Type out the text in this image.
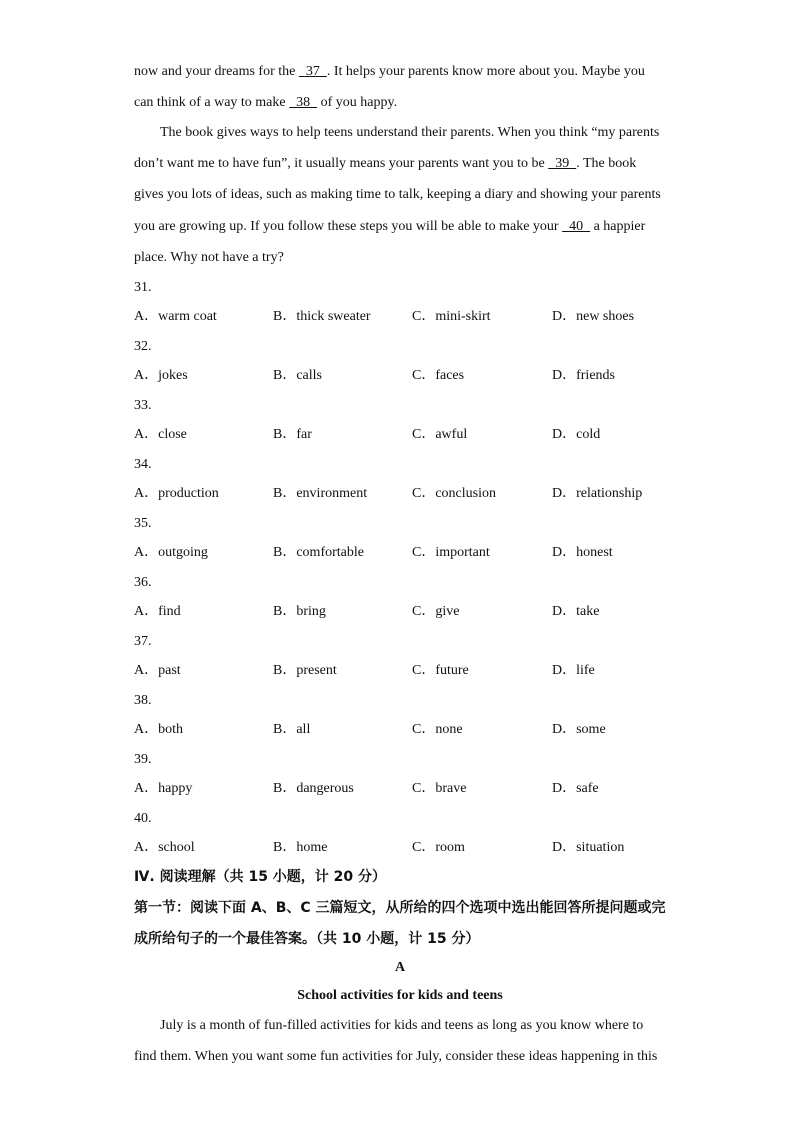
now and your dreams for the   37 . It helps your parents know more about you. Maybe you
can think of a way to make   38   of you happy.
The book gives ways to help teens understand their parents. When you think “my parents
don’t want me to have fun”, it usually means your parents want you to be   39 . The book
gives you lots of ideas, such as making time to talk, keeping a diary and showing your parents
you are growing up. If you follow these steps you will be able to make your   40   a happier
place. Why not have a try?
31.
A．warm coat	B．thick sweater	C．mini-skirt	D．new shoes
32.
A．jokes	B．calls	C．faces	D．friends
33.
A．close	B．far	C．awful	D．cold
34.
A．production	B．environment	C．conclusion	D．relationship
35.
A．outgoing	B．comfortable	C．important	D．honest
36.
A．find	B．bring	C．give	D．take
37.
A．past	B．present	C．future	D．life
38.
A．both	B．all	C．none	D．some
39.
A．happy	B．dangerous	C．brave	D．safe
40.
A．school	B．home	C．room	D．situation
Ⅳ. 阅读理解（共 15 小题，计 20 分）
第一节：阅读下面 A、B、C 三篇短文，从所给的四个选项中选出能回答所提问题或完
成所给句子的一个最佳答案。（共 10 小题，计 15 分）
A
School activities for kids and teens
July is a month of fun-filled activities for kids and teens as long as you know where to
find them. When you want some fun activities for July, consider these ideas happening in this
